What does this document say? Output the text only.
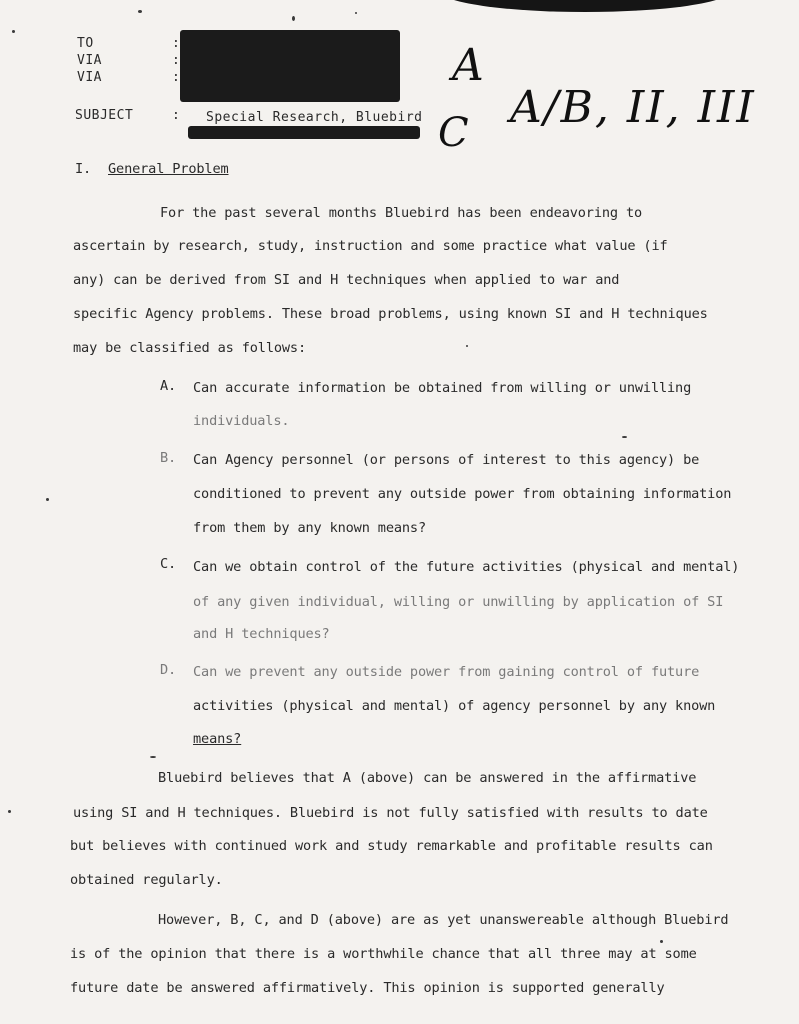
TO
VIA
VIA
:
:
:
SUBJECT	: Special Research, Bluebird
A
C A/B, II, III
I. General Problem
For the past several months Bluebird has been endeavoring to
ascertain by research, study, instruction and some practice what value (if
any) can be derived from SI and H techniques when applied to war and
specific Agency problems. These broad problems, using known SI and H techniques
may be classified as follows:
A. Can accurate information be obtained from willing or unwilling
individuals.
B. Can Agency personnel (or persons of interest to this agency) be
conditioned to prevent any outside power from obtaining information
from them by any known means?
C. Can we obtain control of the future activities (physical and mental)
of any given individual, willing or unwilling by application of SI
and H techniques?
D. Can we prevent any outside power from gaining control of future
activities (physical and mental) of agency personnel by any known
means?
Bluebird believes that A (above) can be answered in the affirmative
using SI and H techniques. Bluebird is not fully satisfied with results to date
but believes with continued work and study remarkable and profitable results can
obtained regularly.
However, B, C, and D (above) are as yet unanswereable although Bluebird
is of the opinion that there is a worthwhile chance that all three may at some
future date be answered affirmatively. This opinion is supported generally
